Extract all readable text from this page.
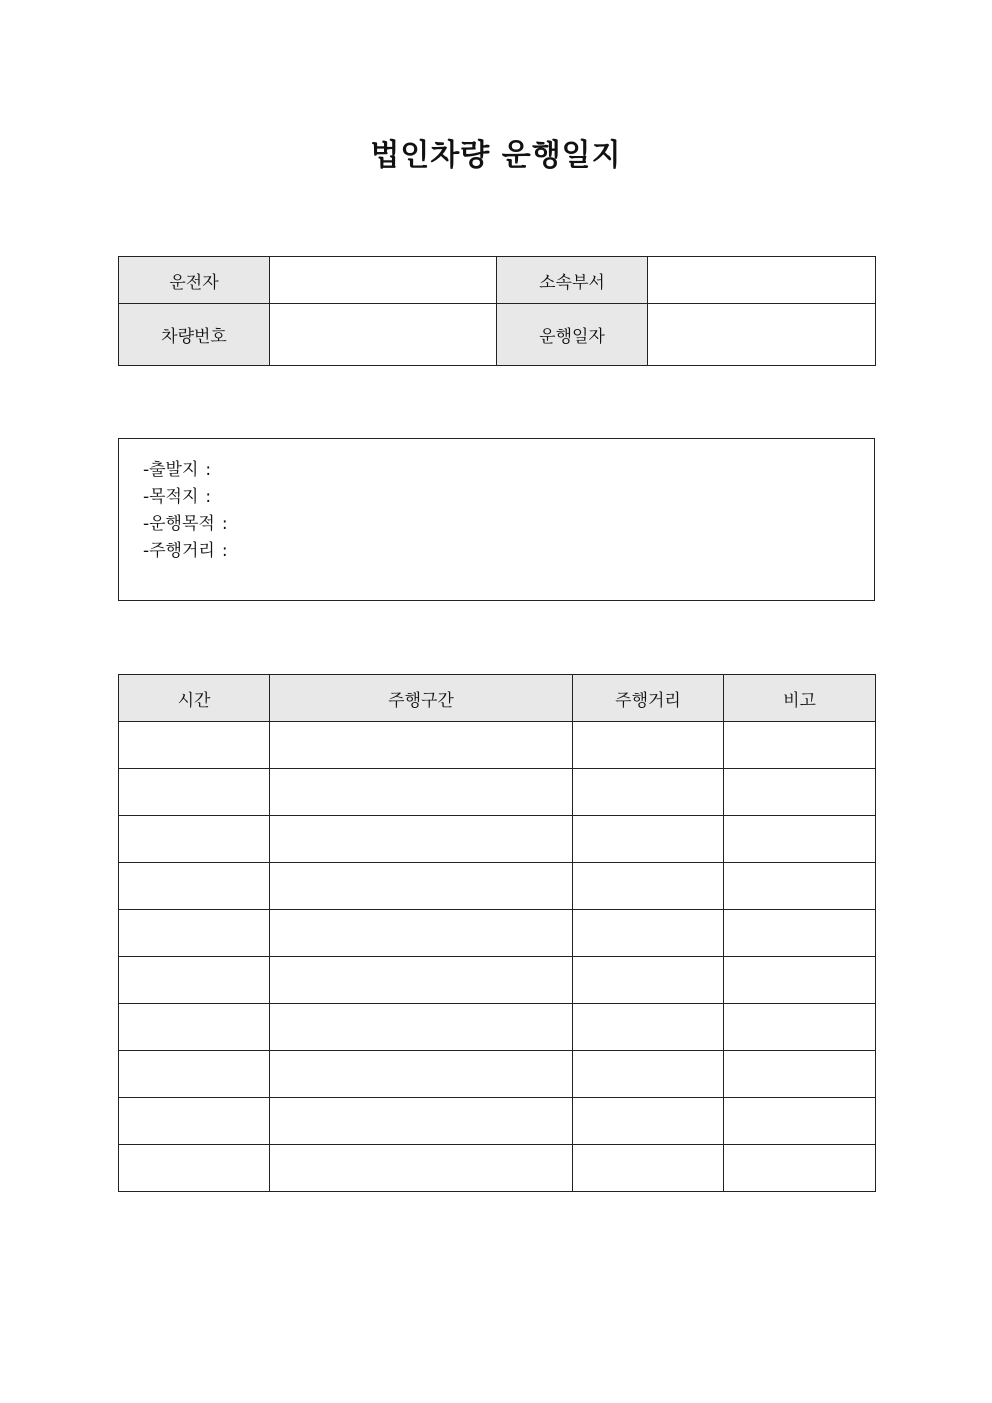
법인차량 운행일지
운전자		소속부서	
차량번호		운행일자	
-출발지 :
-목적지 :
-운행목적 :
-주행거리 :
시간	주행구간	주행거리	비고
